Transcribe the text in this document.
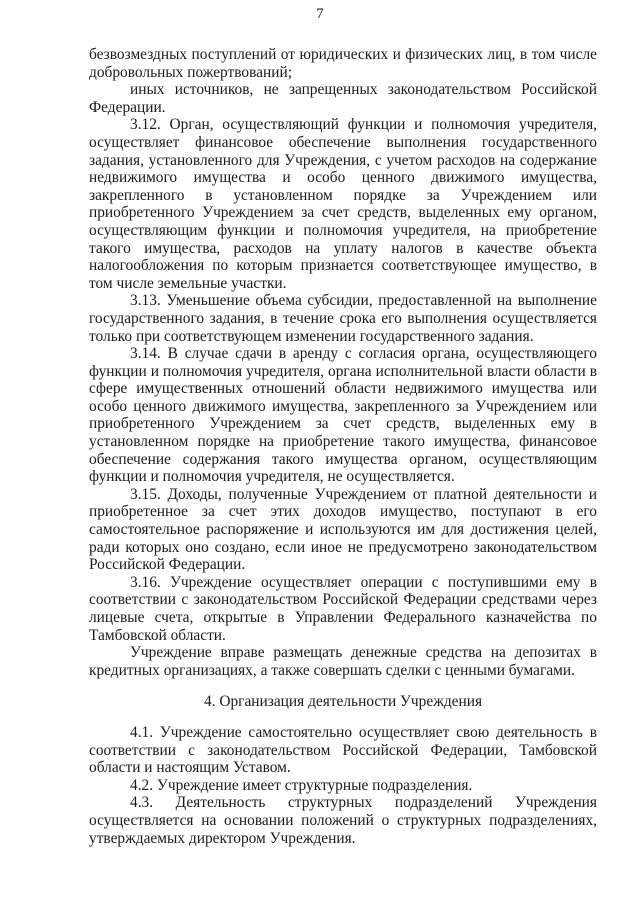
7

безвозмездных поступлений от юридических и физических лиц, в том числе добровольных пожертвований;

иных источников, не запрещенных законодательством Российской Федерации.

3.12. Орган, осуществляющий функции и полномочия учредителя, осуществляет финансовое обеспечение выполнения государственного задания, установленного для Учреждения, с учетом расходов на содержание недвижимого имущества и особо ценного движимого имущества, закрепленного в установленном порядке за Учреждением или приобретенного Учреждением за счет средств, выделенных ему органом, осуществляющим функции и полномочия учредителя, на приобретение такого имущества, расходов на уплату налогов в качестве объекта налогообложения по которым признается соответствующее имущество, в том числе земельные участки.

3.13. Уменьшение объема субсидии, предоставленной на выполнение государственного задания, в течение срока его выполнения осуществляется только при соответствующем изменении государственного задания.

3.14. В случае сдачи в аренду с согласия органа, осуществляющего функции и полномочия учредителя, органа исполнительной власти области в сфере имущественных отношений области недвижимого имущества или особо ценного движимого имущества, закрепленного за Учреждением или приобретенного Учреждением за счет средств, выделенных ему в установленном порядке на приобретение такого имущества, финансовое обеспечение содержания такого имущества органом, осуществляющим функции и полномочия учредителя, не осуществляется.

3.15. Доходы, полученные Учреждением от платной деятельности и приобретенное за счет этих доходов имущество, поступают в его самостоятельное распоряжение и используются им для достижения целей, ради которых оно создано, если иное не предусмотрено законодательством Российской Федерации.

3.16. Учреждение осуществляет операции с поступившими ему в соответствии с законодательством Российской Федерации средствами через лицевые счета, открытые в Управлении Федерального казначейства по Тамбовской области.

Учреждение вправе размещать денежные средства на депозитах в кредитных организациях, а также совершать сделки с ценными бумагами.

4. Организация деятельности Учреждения

4.1. Учреждение самостоятельно осуществляет свою деятельность в соответствии с законодательством Российской Федерации, Тамбовской области и настоящим Уставом.

4.2. Учреждение имеет структурные подразделения.

4.3. Деятельность структурных подразделений Учреждения осуществляется на основании положений о структурных подразделениях, утверждаемых директором Учреждения.
